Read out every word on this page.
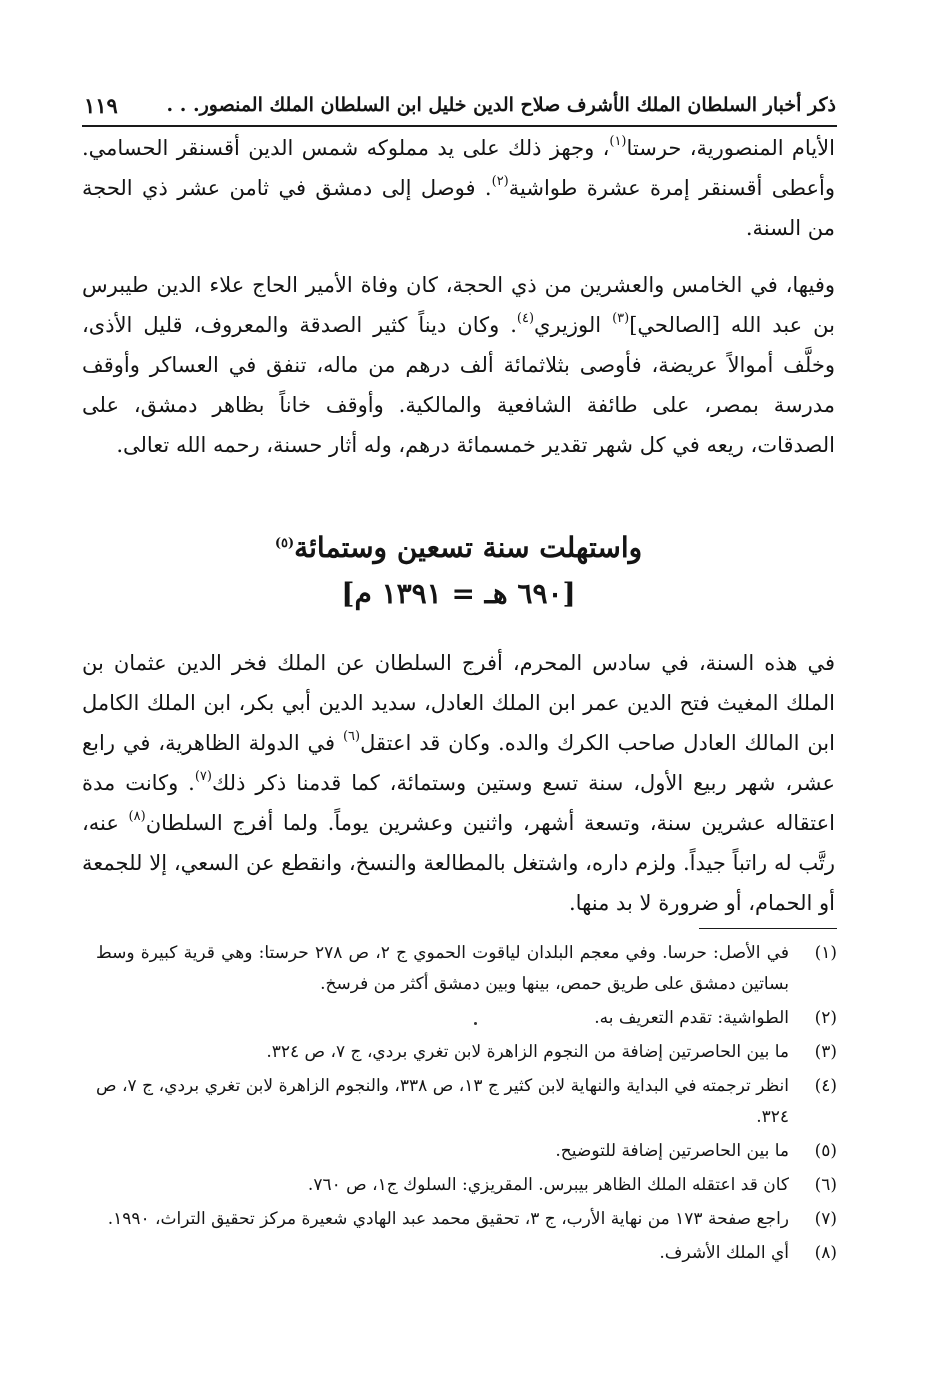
ذكر أخبار السلطان الملك الأشرف صلاح الدين خليل ابن السلطان الملك المنصور. . .
١١٩

الأيام المنصورية، حرستا$^{(١)}$، وجهز ذلك على يد مملوكه شمس الدين أقسنقر الحسامي. وأعطى أقسنقر إمرة عشرة طواشية$^{(٢)}$. فوصل إلى دمشق في ثامن عشر ذي الحجة من السنة.

وفيها، في الخامس والعشرين من ذي الحجة، كان وفاة الأمير الحاج علاء الدين طيبرس بن عبد الله [الصالحي]$^{(٣)}$ الوزيري$^{(٤)}$. وكان ديناً كثير الصدقة والمعروف، قليل الأذى، وخلَّف أموالاً عريضة، فأوصى بثلاثمائة ألف درهم من ماله، تنفق في العساكر وأوقف مدرسة بمصر، على طائفة الشافعية والمالكية. وأوقف خاناً بظاهر دمشق، على الصدقات، ريعه في كل شهر تقدير خمسمائة درهم، وله أثار حسنة، رحمه الله تعالى.

واستهلت سنة تسعين وستمائة$^{(٥)}$
[٦٩٠ هـ = ١٣٩١ م]

في هذه السنة، في سادس المحرم، أفرج السلطان عن الملك فخر الدين عثمان بن الملك المغيث فتح الدين عمر ابن الملك العادل، سديد الدين أبي بكر، ابن الملك الكامل ابن المالك العادل صاحب الكرك والده. وكان قد اعتقل$^{(٦)}$ في الدولة الظاهرية، في رابع عشر، شهر ربيع الأول، سنة تسع وستين وستمائة، كما قدمنا ذكر ذلك$^{(٧)}$. وكانت مدة اعتقاله عشرين سنة، وتسعة أشهر، واثنين وعشرين يوماً. ولما أفرج السلطان$^{(٨)}$ عنه، رتَّب له راتباً جيداً. ولزم داره، واشتغل بالمطالعة والنسخ، وانقطع عن السعي، إلا للجمعة أو الحمام، أو ضرورة لا بد منها.

(١)
في الأصل: حرسا. وفي معجم البلدان لياقوت الحموي ج ٢، ص ٢٧٨ حرستا: وهي قرية كبيرة وسط بساتين دمشق على طريق حمص، بينها وبين دمشق أكثر من فرسخ.
(٢)
الطواشية: تقدم التعريف به.
(٣)
ما بين الحاصرتين إضافة من النجوم الزاهرة لابن تغري بردي، ج ٧، ص ٣٢٤.
(٤)
انظر ترجمته في البداية والنهاية لابن كثير ج ١٣، ص ٣٣٨، والنجوم الزاهرة لابن تغري بردي، ج ٧، ص ٣٢٤.
(٥)
ما بين الحاصرتين إضافة للتوضيح.
(٦)
كان قد اعتقله الملك الظاهر بيبرس. المقريزي: السلوك ج١، ص ٧٦٠.
(٧)
راجع صفحة ١٧٣ من نهاية الأرب، ج ٣، تحقيق محمد عبد الهادي شعيرة مركز تحقيق التراث، ١٩٩٠.
(٨)
أي الملك الأشرف.
